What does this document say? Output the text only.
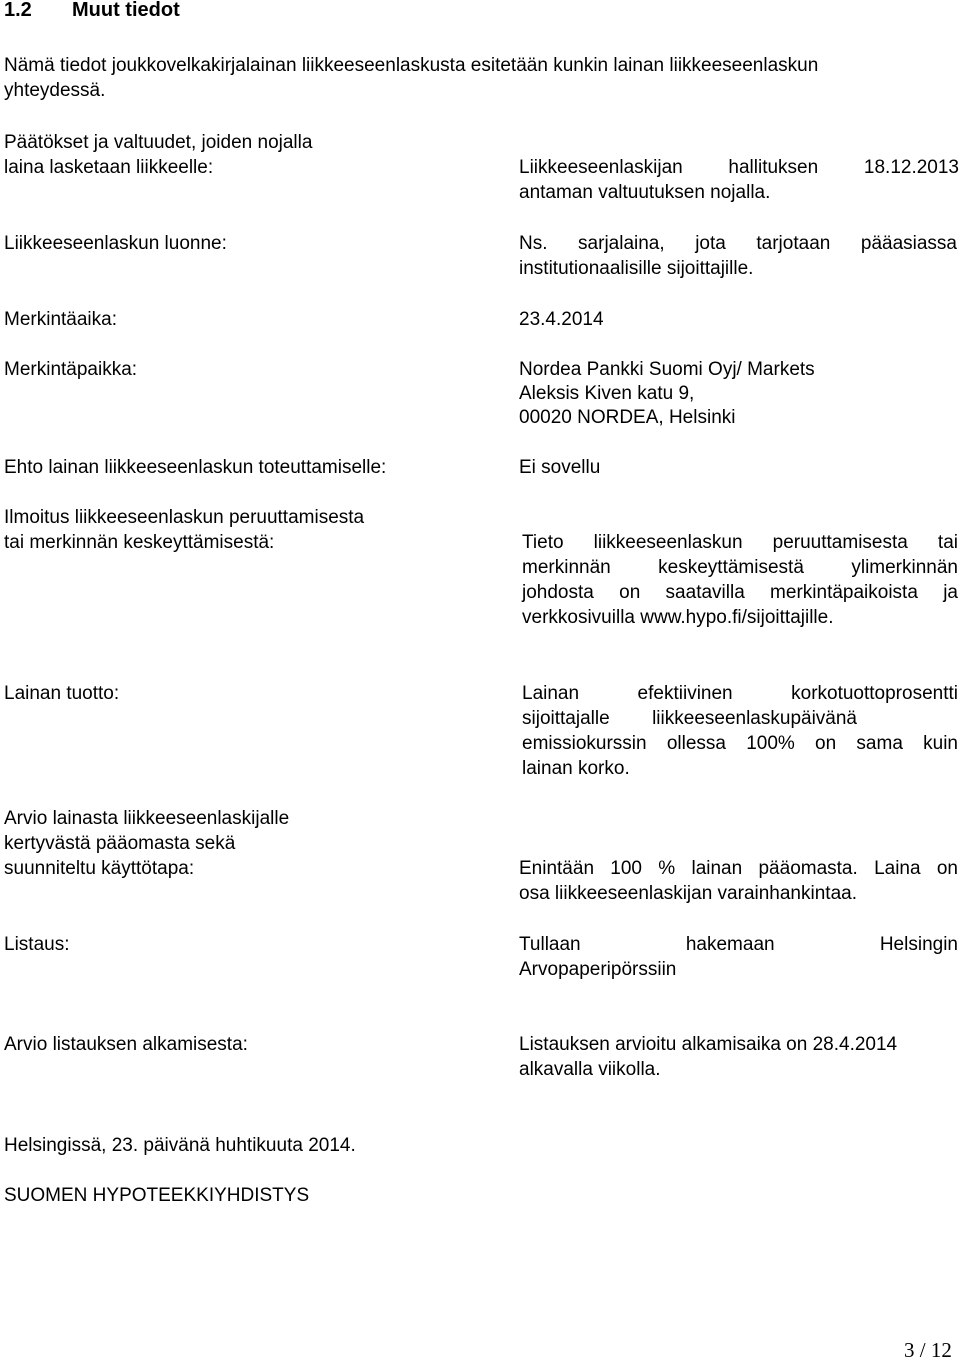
1.2 Muut tiedot
Nämä tiedot joukkovelkakirjalainan liikkeeseenlaskusta esitetään kunkin lainan liikkeeseenlaskun
yhteydessä.
Päätökset ja valtuudet, joiden nojalla
laina lasketaan liikkeelle:	Liikkeeseenlaskijan hallituksen 18.12.2013
antaman valtuutuksen nojalla.
Liikkeeseenlaskun luonne:	Ns. sarjalaina, jota tarjotaan pääasiassa
institutionaalisille sijoittajille.
Merkintäaika:	23.4.2014
Merkintäpaikka:	Nordea Pankki Suomi Oyj/ Markets
Aleksis Kiven katu 9,
00020 NORDEA, Helsinki
Ehto lainan liikkeeseenlaskun toteuttamiselle:	Ei sovellu
Ilmoitus liikkeeseenlaskun peruuttamisesta
tai merkinnän keskeyttämisestä:	Tieto liikkeeseenlaskun peruuttamisesta tai
merkinnän keskeyttämisestä ylimerkinnän
johdosta on saatavilla merkintäpaikoista ja
verkkosivuilla www.hypo.fi/sijoittajille.
Lainan tuotto:	Lainan efektiivinen korkotuottoprosentti
sijoittajalle liikkeeseenlaskupäivänä
emissiokurssin ollessa 100% on sama kuin
lainan korko.
Arvio lainasta liikkeeseenlaskijalle
kertyvästä pääomasta sekä
suunniteltu käyttötapa:	Enintään 100 % lainan pääomasta. Laina on
osa liikkeeseenlaskijan varainhankintaa.
Listaus:	Tullaan hakemaan Helsingin
Arvopaperipörssiin
Arvio listauksen alkamisesta:	Listauksen arvioitu alkamisaika on 28.4.2014
alkavalla viikolla.
Helsingissä, 23. päivänä huhtikuuta 2014.
SUOMEN HYPOTEEKKIYHDISTYS
3 / 12
